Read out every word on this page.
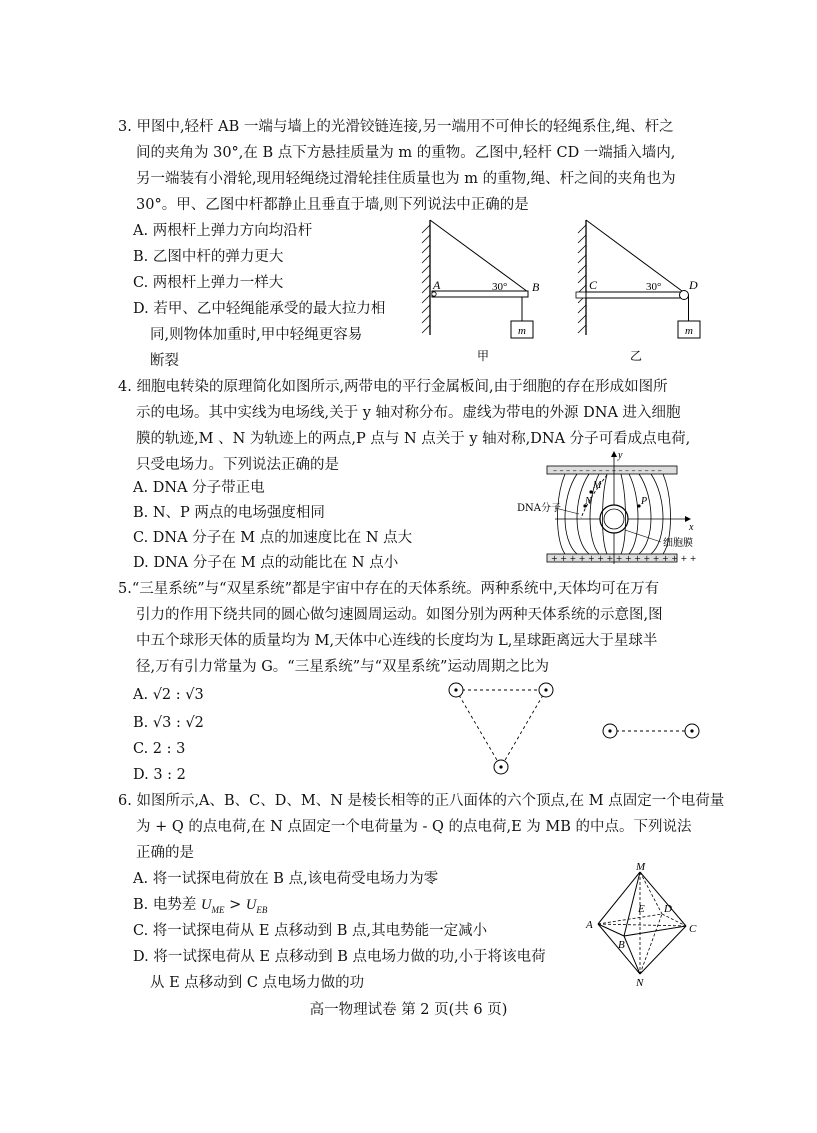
3. 甲图中,轻杆 AB 一端与墙上的光滑铰链连接,另一端用不可伸长的轻绳系住,绳、杆之
间的夹角为 30°,在 B 点下方悬挂质量为 m 的重物。乙图中,轻杆 CD 一端插入墙内,
另一端装有小滑轮,现用轻绳绕过滑轮挂住质量也为 m 的重物,绳、杆之间的夹角也为
30°。甲、乙图中杆都静止且垂直于墙,则下列说法中正确的是
A. 两根杆上弹力方向均沿杆
B. 乙图中杆的弹力更大
C. 两根杆上弹力一样大
D. 若甲、乙中轻绳能承受的最大拉力相
同,则物体加重时,甲中轻绳更容易
断裂
A	B
30°
m
甲
C	D
30°
m
乙
4. 细胞电转染的原理简化如图所示,两带电的平行金属板间,由于细胞的存在形成如图所
示的电场。其中实线为电场线,关于 y 轴对称分布。虚线为带电的外源 DNA 进入细胞
膜的轨迹,M 、N 为轨迹上的两点,P 点与 N 点关于 y 轴对称,DNA 分子可看成点电荷,
只受电场力。下列说法正确的是
A. DNA 分子带正电
B. N、P 两点的电场强度相同
C. DNA 分子在 M 点的加速度比在 N 点大
D. DNA 分子在 M 点的动能比在 N 点小
– – – – – – – – – – – – – – – – –
+ + + + + + + + + + + + + + + +
M
N	P
y
x
DNA分子
细胞膜
5.“三星系统”与“双星系统”都是宇宙中存在的天体系统。两种系统中,天体均可在万有
引力的作用下绕共同的圆心做匀速圆周运动。如图分别为两种天体系统的示意图,图
中五个球形天体的质量均为 M,天体中心连线的长度均为 L,星球距离远大于星球半
径,万有引力常量为 G。“三星系统”与“双星系统”运动周期之比为
A. √2 : √3
B. √3 : √2
C. 2 : 3
D. 3 : 2
6. 如图所示,A、B、C、D、M、N 是棱长相等的正八面体的六个顶点,在 M 点固定一个电荷量
为 + Q 的点电荷,在 N 点固定一个电荷量为 - Q 的点电荷,E 为 MB 的中点。下列说法
正确的是
A. 将一试探电荷放在 B 点,该电荷受电场力为零
B. 电势差 $U_{ME} > U_{EB}$
C. 将一试探电荷从 E 点移动到 B 点,其电势能一定减小
D. 将一试探电荷从 E 点移动到 B 点电场力做的功,小于将该电荷
从 E 点移动到 C 点电场力做的功
M
A
B
C
D
E
N
高一物理试卷 第 2 页(共 6 页)
